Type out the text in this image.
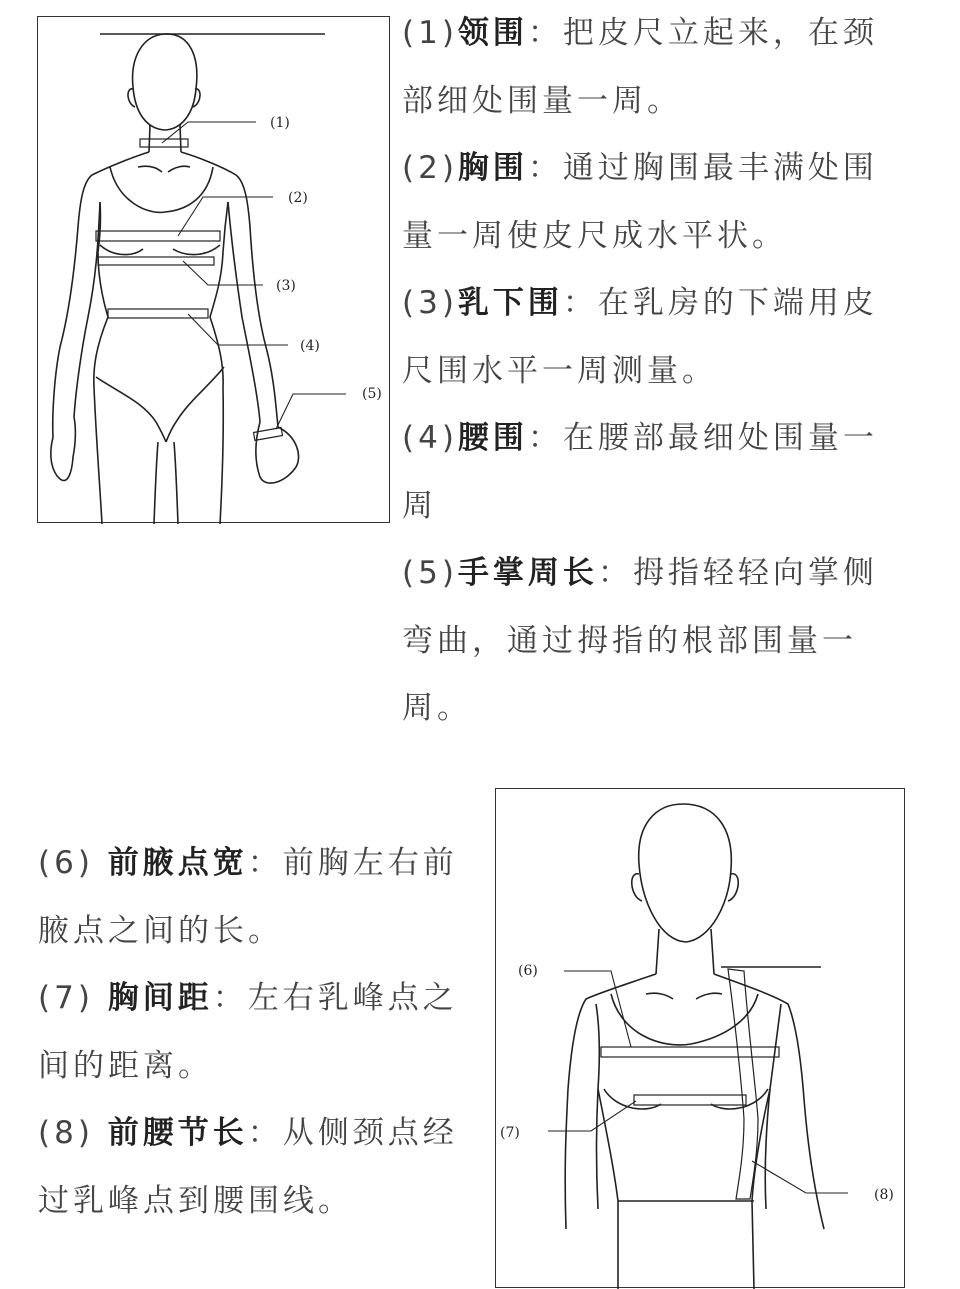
(1)
(2)
(3)
(4)
(5)

(1)领围：把皮尺立起来，在颈部细处围量一周。

(2)胸围：通过胸围最丰满处围量一周使皮尺成水平状。

(3)乳下围：在乳房的下端用皮尺围水平一周测量。

(4)腰围：在腰部最细处围量一周

(5)手掌周长：拇指轻轻向掌侧弯曲，通过拇指的根部围量一周。

(6) 前腋点宽：前胸左右前腋点之间的长。

(7) 胸间距：左右乳峰点之间的距离。

(8) 前腰节长：从侧颈点经过乳峰点到腰围线。

(6)
(7)
(8)
